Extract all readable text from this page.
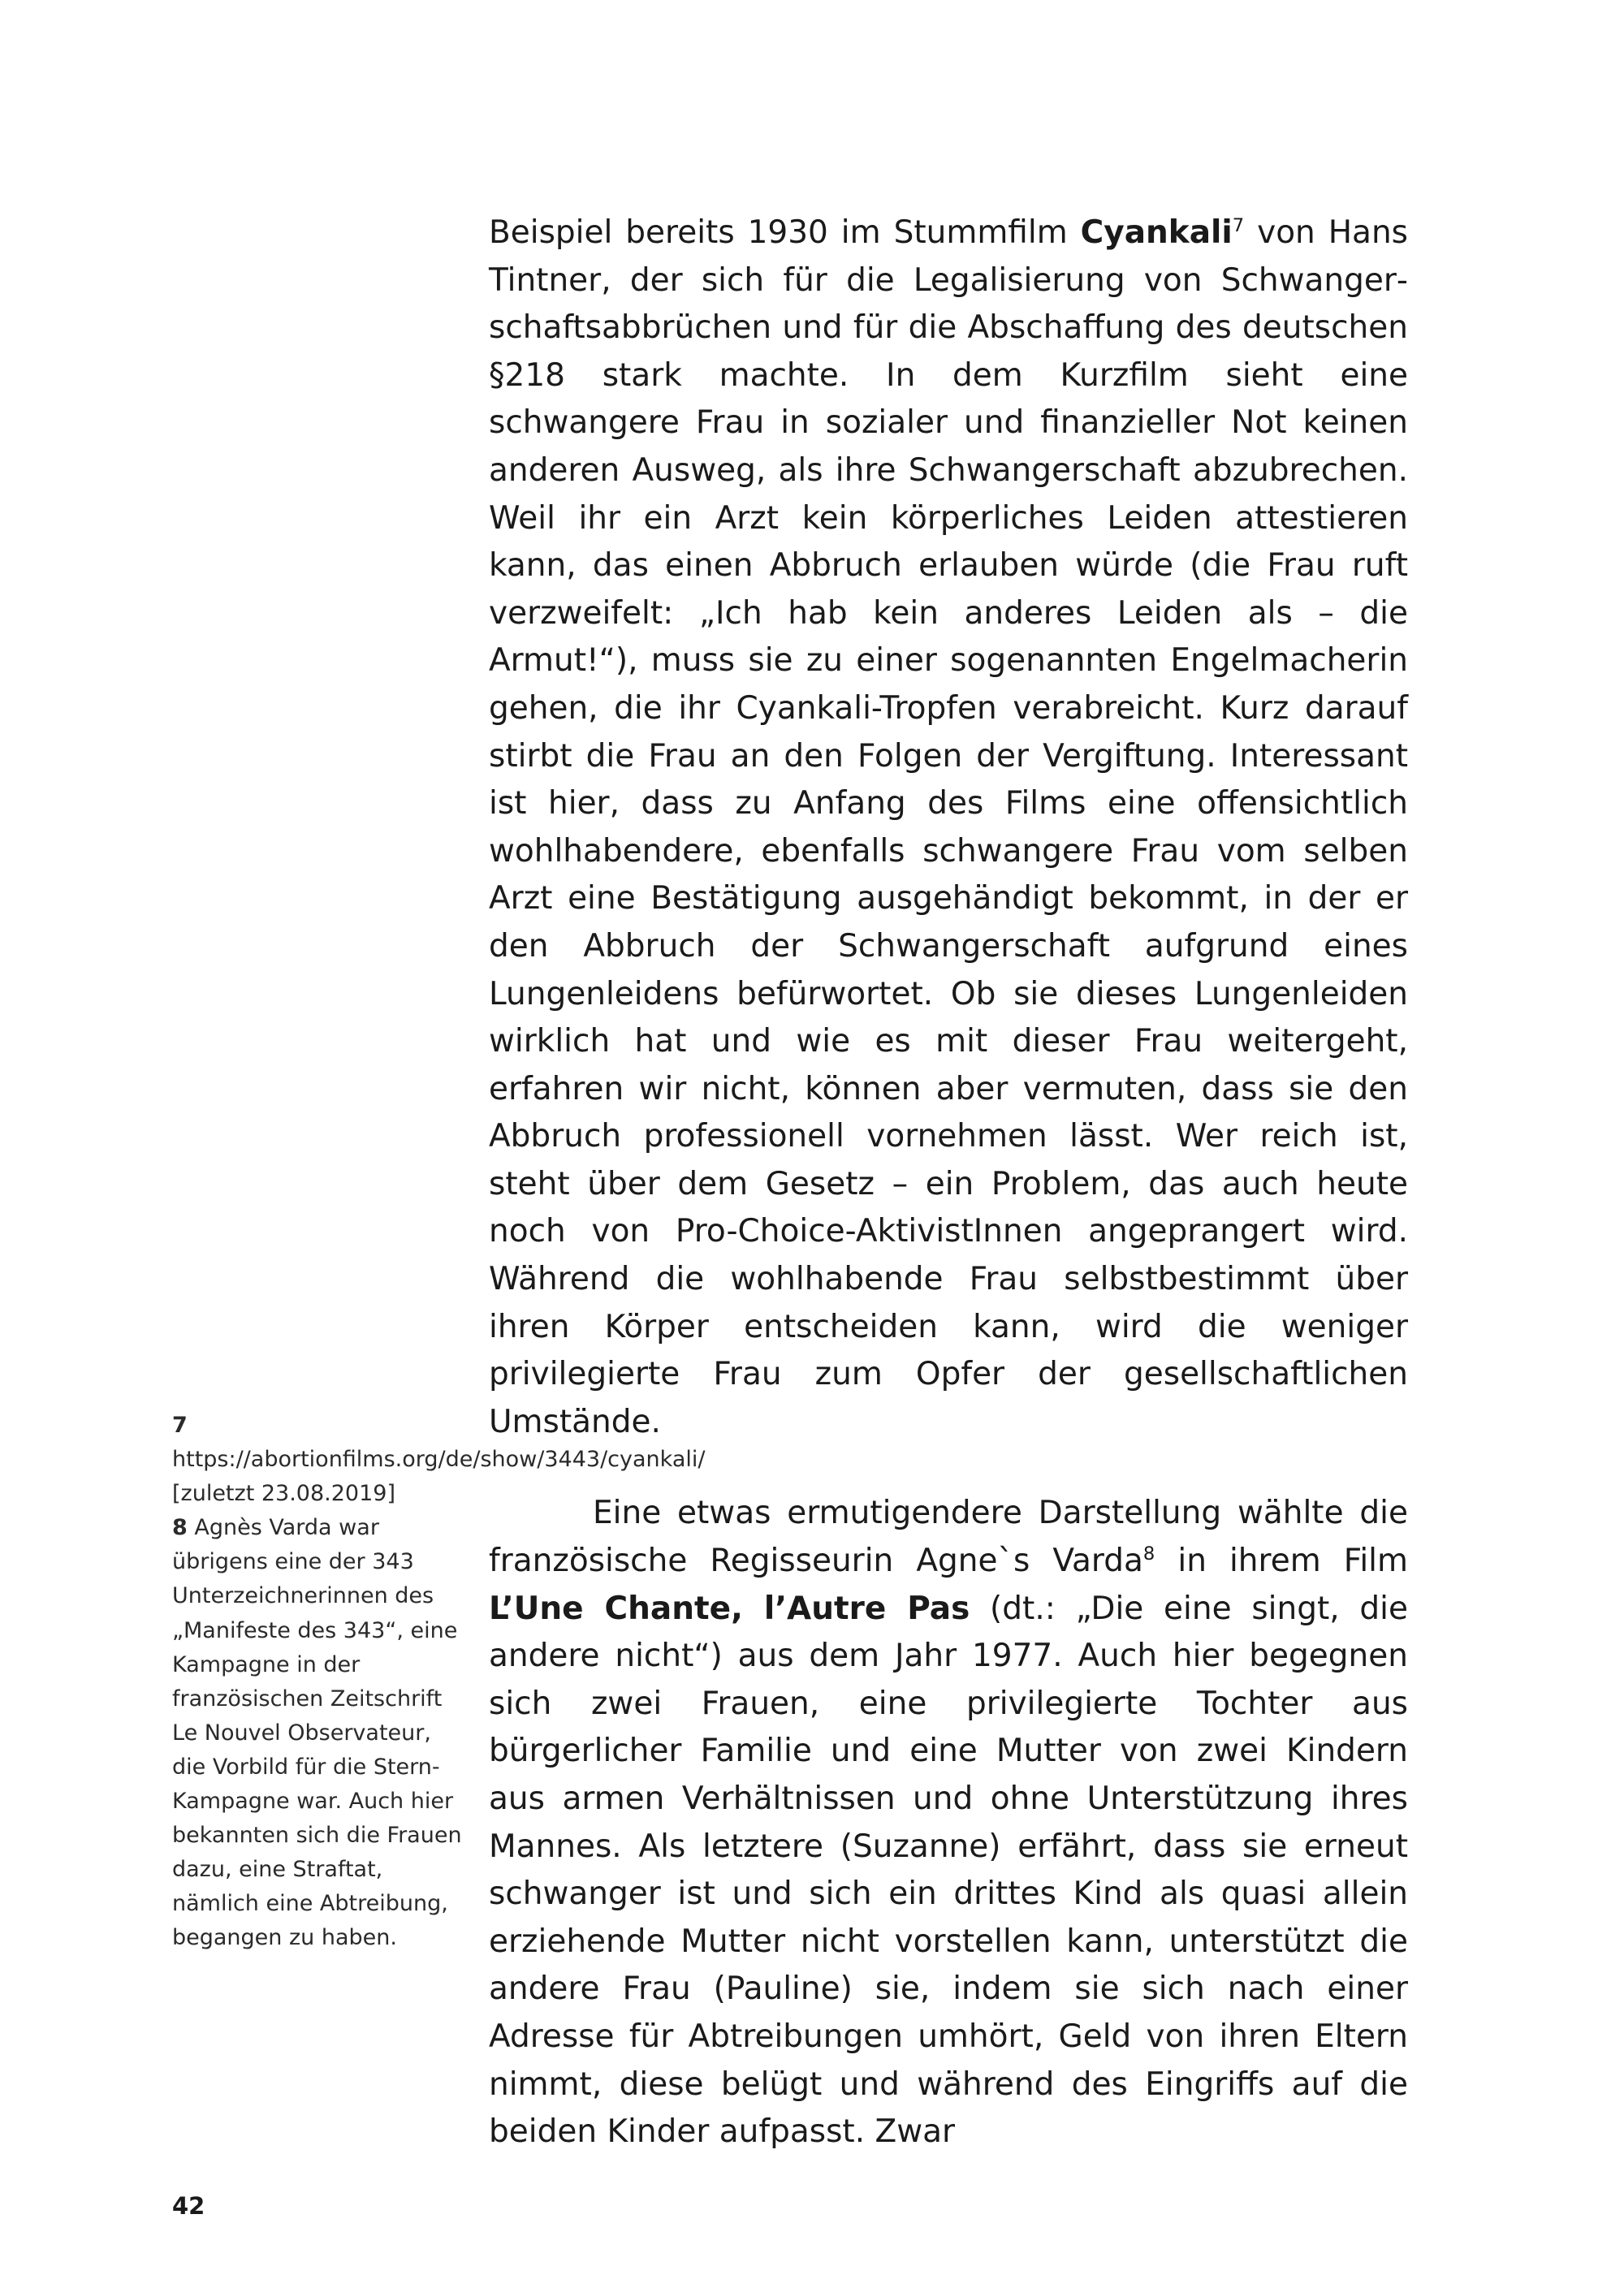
Beispiel bereits 1930 im Stummfilm Cyankali$^7$ von Hans Tintner, der sich für die Legalisierung von Schwangerschaftsabbrüchen und für die Abschaffung des deutschen §218 stark machte. In dem Kurzfilm sieht eine schwangere Frau in sozialer und finanzieller Not keinen anderen Ausweg, als ihre Schwangerschaft abzubrechen. Weil ihr ein Arzt kein körperliches Leiden attestieren kann, das einen Abbruch erlauben würde (die Frau ruft verzweifelt: „Ich hab kein anderes Leiden als – die Armut!“), muss sie zu einer sogenannten Engelmacherin gehen, die ihr Cyankali-Tropfen verabreicht. Kurz darauf stirbt die Frau an den Folgen der Vergiftung. Interessant ist hier, dass zu Anfang des Films eine offensichtlich wohlhabendere, ebenfalls schwangere Frau vom selben Arzt eine Bestätigung ausgehändigt bekommt, in der er den Abbruch der Schwangerschaft aufgrund eines Lungenleidens befürwortet. Ob sie dieses Lungenleiden wirklich hat und wie es mit dieser Frau weitergeht, erfahren wir nicht, können aber vermuten, dass sie den Abbruch professionell vornehmen lässt. Wer reich ist, steht über dem Gesetz – ein Problem, das auch heute noch von Pro-Choice-AktivistInnen angeprangert wird. Während die wohlhabende Frau selbstbestimmt über ihren Körper entscheiden kann, wird die weniger privilegierte Frau zum Opfer der gesellschaftlichen Umstände.

Eine etwas ermutigendere Darstellung wählte die französische Regisseurin Agne`s Varda$^8$ in ihrem Film L’Une Chante, l’Autre Pas (dt.: „Die eine singt, die andere nicht“) aus dem Jahr 1977. Auch hier begegnen sich zwei Frauen, eine privilegierte Tochter aus bürgerlicher Familie und eine Mutter von zwei Kindern aus armen Verhältnissen und ohne Unterstützung ihres Mannes. Als letztere (Suzanne) erfährt, dass sie erneut schwanger ist und sich ein drittes Kind als quasi allein erziehende Mutter nicht vorstellen kann, unterstützt die andere Frau (Pauline) sie, indem sie sich nach einer Adresse für Abtreibungen umhört, Geld von ihren Eltern nimmt, diese belügt und während des Eingriffs auf die beiden Kinder aufpasst. Zwar

7 https://abortionfilms.org/de/show/3443/cyankali/ [zuletzt 23.08.2019]

8 Agnès Varda war übrigens eine der 343 Unterzeichnerinnen des „Manifeste des 343“, eine Kampagne in der französischen Zeitschrift Le Nouvel Observateur, die Vorbild für die Stern-Kampagne war. Auch hier bekannten sich die Frauen dazu, eine Straftat, nämlich eine Abtreibung, begangen zu haben.

42
